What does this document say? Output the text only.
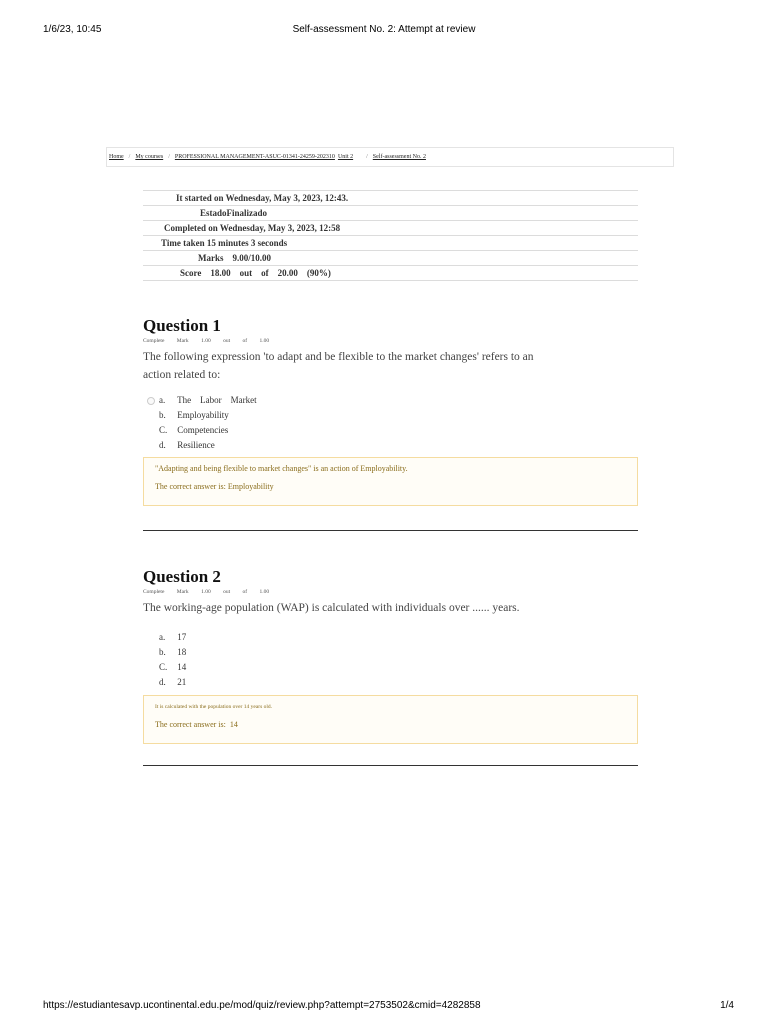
1/6/23, 10:45	Self-assessment No. 2: Attempt at review
Home / My courses / PROFESSIONAL MANAGEMENT-ASUC-01341-24259-202310 Unit 2	/ Self-assessment No. 2
It started on Wednesday, May 3, 2023, 12:43.
EstadoFinalizado
Completed on Wednesday, May 3, 2023, 12:58
Time taken 15 minutes 3 seconds
Marks    9.00/10.00
Score    18.00    out    of    20.00    (90%)
Question 1
Complete Mark 1.00 out of 1.00
The following expression 'to adapt and be flexible to the market changes' refers to an action related to:
a. The    Labor    Market
b. Employability
C. Competencies
d. Resilience
"Adapting and being flexible to market changes" is an action of Employability.
The correct answer is: Employability
Question 2
Complete Mark 1.00 out of 1.00
The working-age population (WAP) is calculated with individuals over ...... years.
a. 17
b. 18
C. 14
d. 21
It is calculated with the population over 14 years old.
The correct answer is:  14
https://estudiantesavp.ucontinental.edu.pe/mod/quiz/review.php?attempt=2753502&cmid=4282858	1/4
